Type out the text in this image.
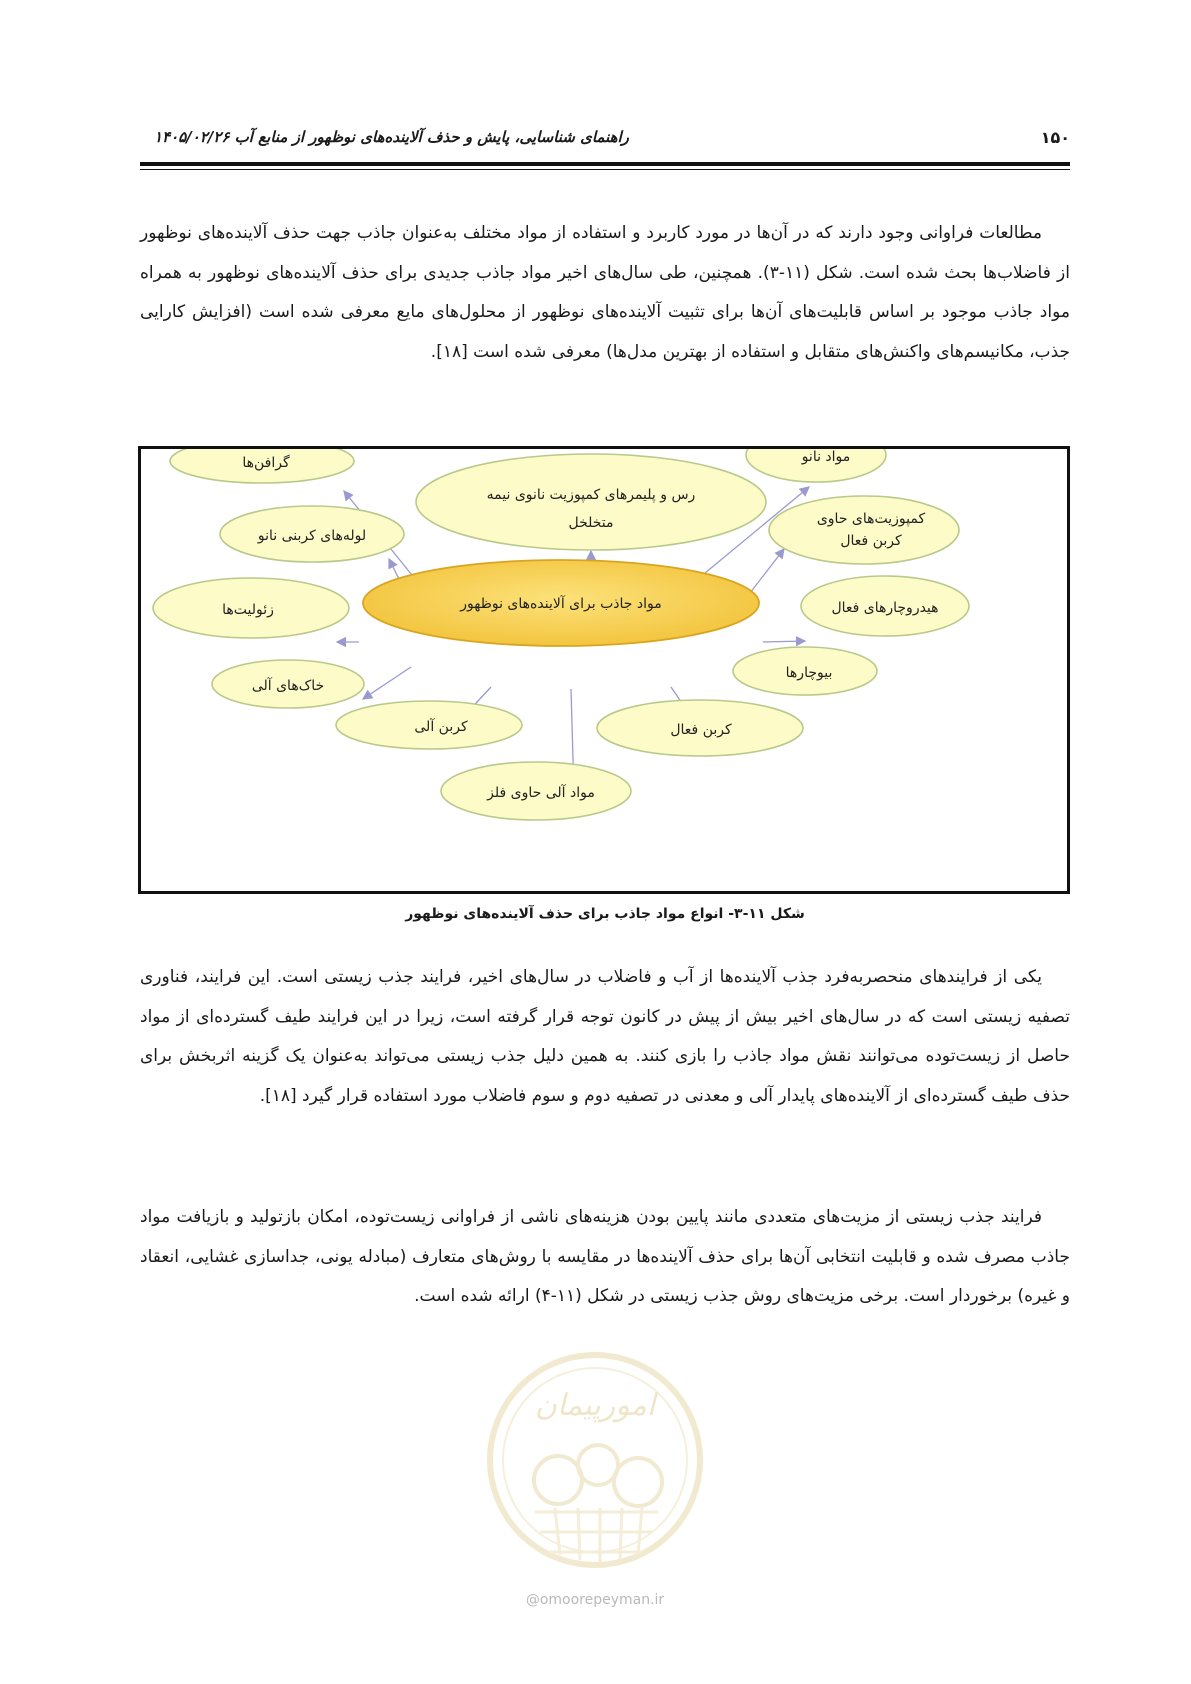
۱۵۰
راهنمای شناسایی، پایش و حذف آلاینده‌های نوظهور از منابع آب ۱۴۰۵/۰۲/۲۶

مطالعات فراوانی وجود دارند که در آن‌ها در مورد کاربرد و استفاده از مواد مختلف به‌عنوان جاذب جهت حذف آلاینده‌های نوظهور از فاضلاب‌ها بحث شده است. شکل (۱۱-۳). همچنین، طی سال‌های اخیر مواد جاذب جدیدی برای حذف آلاینده‌های نوظهور به همراه مواد جاذب موجود بر اساس قابلیت‌های آن‌ها برای تثبیت آلاینده‌های نوظهور از محلول‌های مایع معرفی شده است (افزایش کارایی جذب، مکانیسم‌های واکنش‌های متقابل و استفاده از بهترین مدل‌ها) معرفی شده است [۱۸].

مواد جاذب برای آلاینده‌های نوظهور
گرافن‌ها
رس و پلیمرهای کمپوزیت نانوی نیمه
متخلخل
مواد نانو
لوله‌های کربنی نانو
کمپوزیت‌های حاوی
کربن فعال
زئولیت‌ها	هیدروچارهای فعال
خاک‌های آلی
بیوچارها
کربن آلی	کربن فعال
مواد آلی حاوی فلز
شکل ۱۱-۳- انواع مواد جاذب برای حذف آلاینده‌های نوظهور

یکی از فرایندهای منحصربه‌فرد جذب آلاینده‌ها از آب و فاضلاب در سال‌های اخیر، فرایند جذب زیستی است. این فرایند، فناوری تصفیه زیستی است که در سال‌های اخیر بیش از پیش در کانون توجه قرار گرفته است، زیرا در این فرایند طیف گسترده‌ای از مواد حاصل از زیست‌توده می‌توانند نقش مواد جاذب را بازی کنند. به همین دلیل جذب زیستی می‌تواند به‌عنوان یک گزینه اثربخش برای حذف طیف گسترده‌ای از آلاینده‌های پایدار آلی و معدنی در تصفیه دوم و سوم فاضلاب مورد استفاده قرار گیرد [۱۸].

فرایند جذب زیستی از مزیت‌های متعددی مانند پایین بودن هزینه‌های ناشی از فراوانی زیست‌توده، امکان بازتولید و بازیافت مواد جاذب مصرف شده و قابلیت انتخابی آن‌ها برای حذف آلاینده‌ها در مقایسه با روش‌های متعارف (مبادله یونی، جداسازی غشایی، انعقاد و غیره) برخوردار است. برخی مزیت‌های روش جذب زیستی در شکل (۱۱-۴) ارائه شده است.

امورپیمان
@omoorepeyman.ir
